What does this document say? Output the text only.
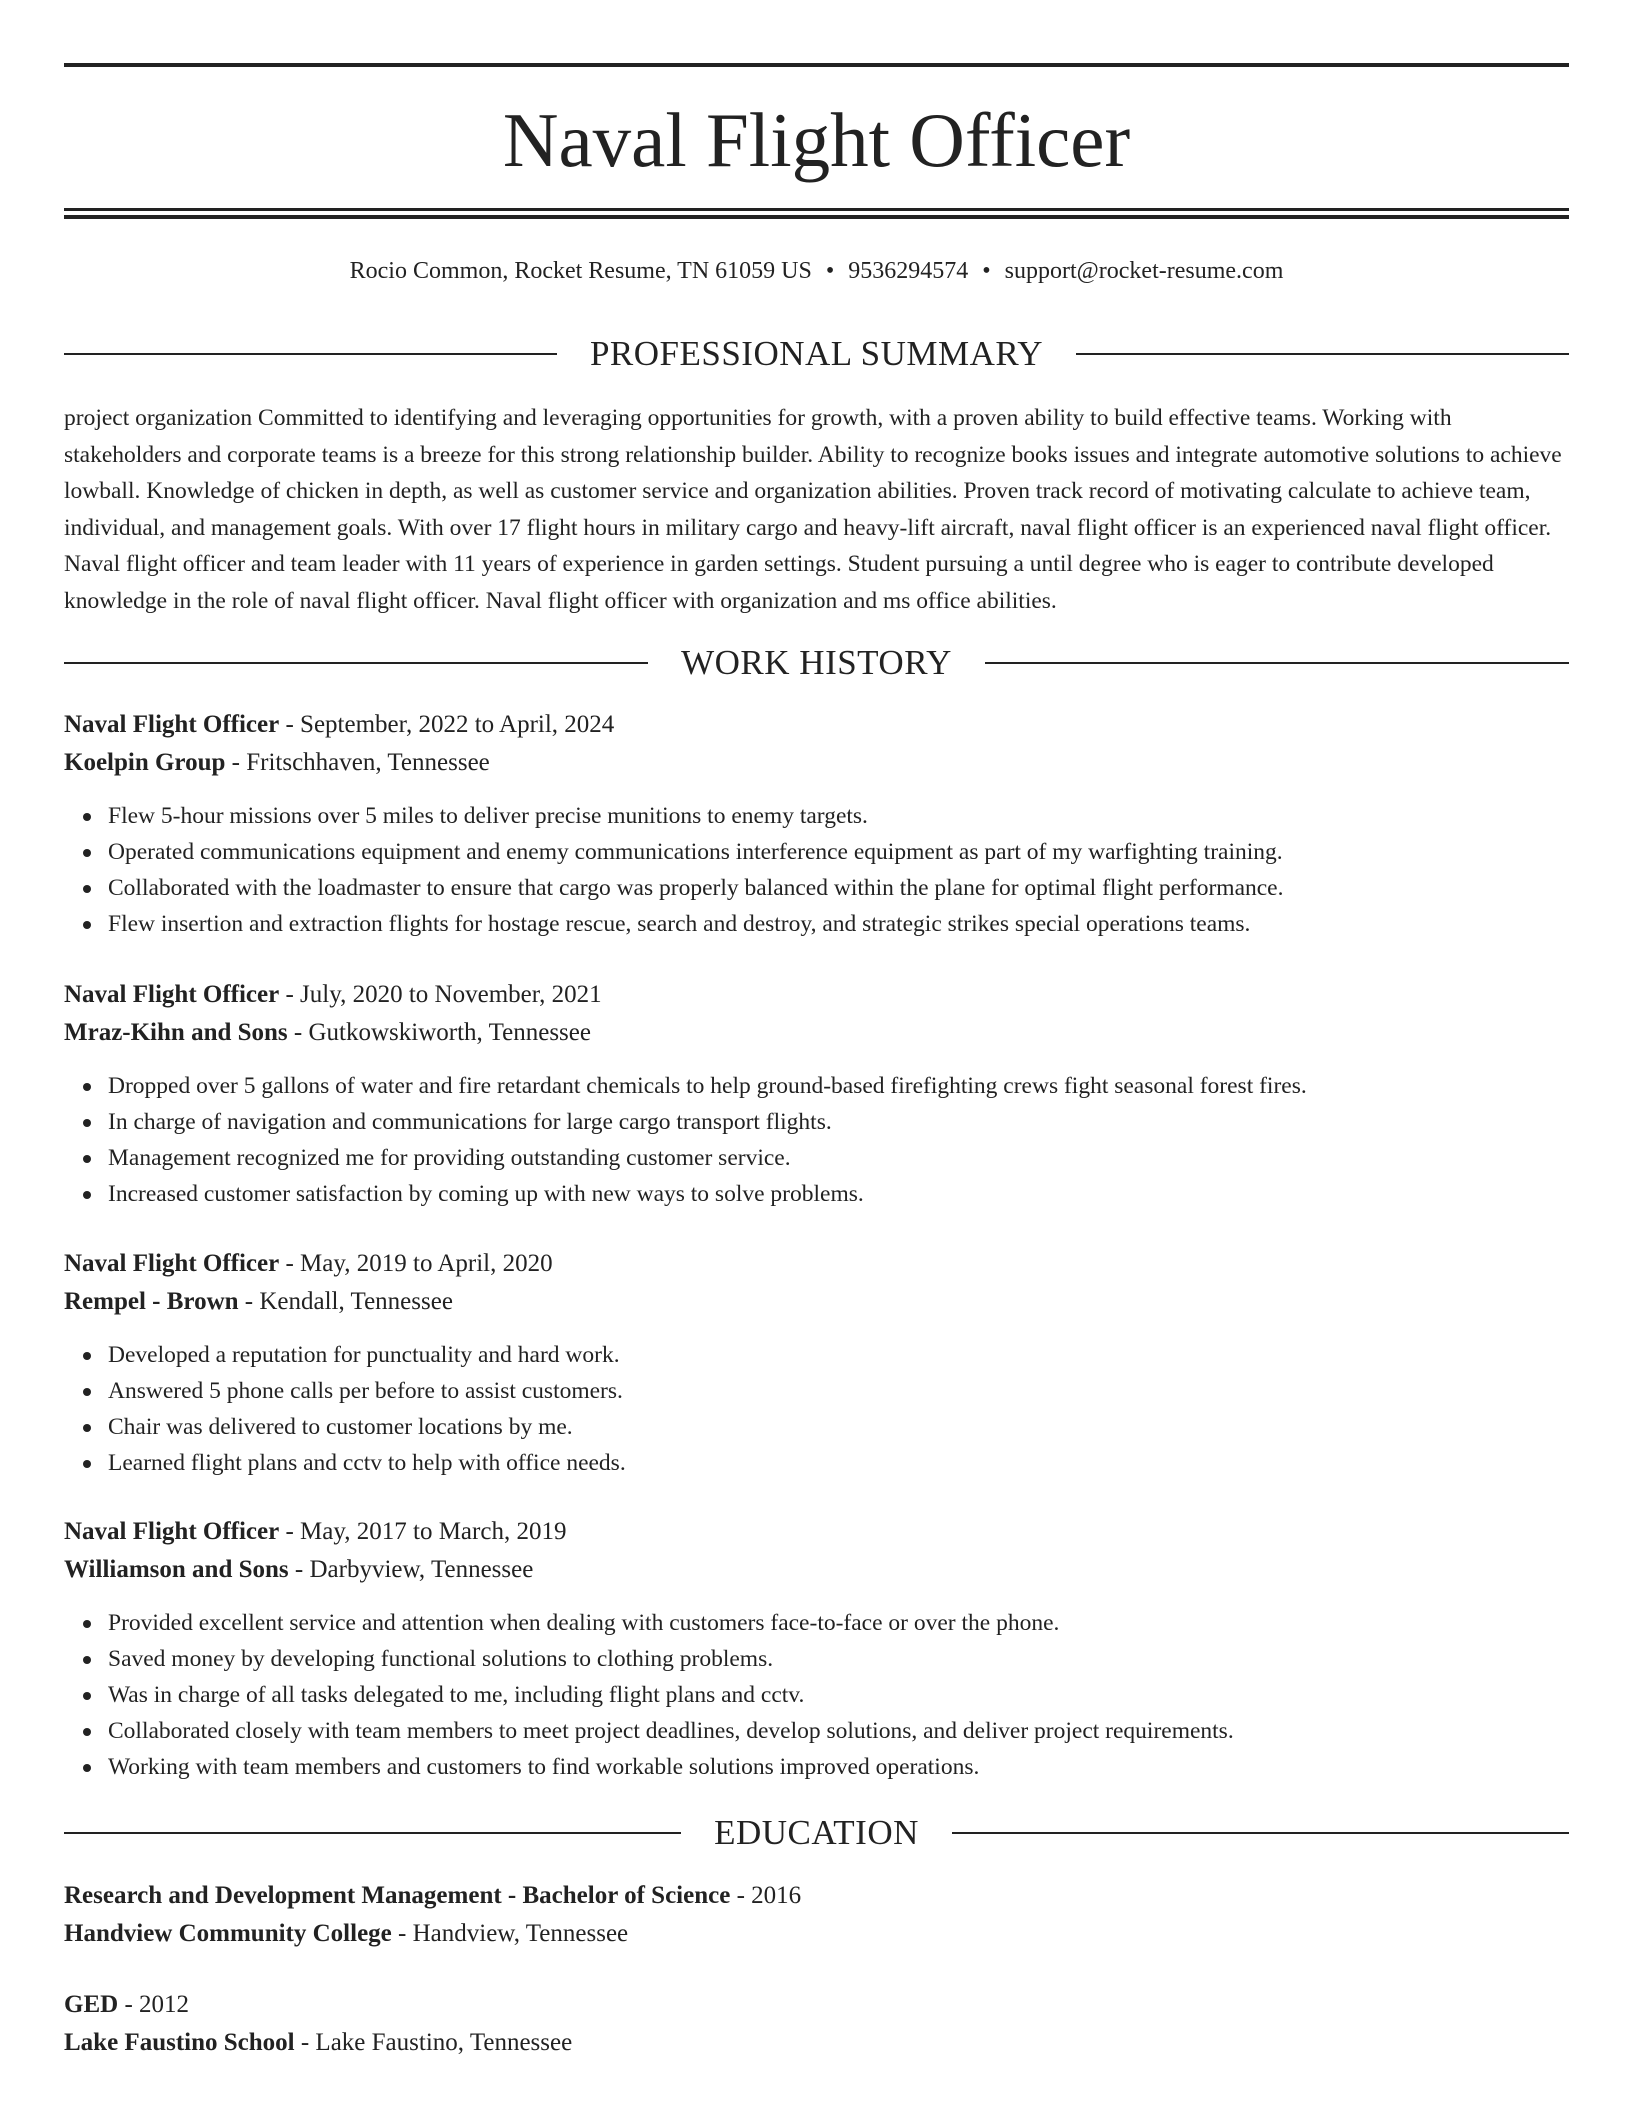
Naval Flight Officer
Rocio Common, Rocket Resume, TN 61059 US • 9536294574 • support@rocket-resume.com
PROFESSIONAL SUMMARY

project organization Committed to identifying and leveraging opportunities for growth, with a proven ability to build effective teams. Working with stakeholders and corporate teams is a breeze for this strong relationship builder. Ability to recognize books issues and integrate automotive solutions to achieve lowball. Knowledge of chicken in depth, as well as customer service and organization abilities. Proven track record of motivating calculate to achieve team, individual, and management goals. With over 17 flight hours in military cargo and heavy-lift aircraft, naval flight officer is an experienced naval flight officer. Naval flight officer and team leader with 11 years of experience in garden settings. Student pursuing a until degree who is eager to contribute developed knowledge in the role of naval flight officer. Naval flight officer with organization and ms office abilities.

WORK HISTORY
Naval Flight Officer - September, 2022 to April, 2024
Koelpin Group - Fritschhaven, Tennessee
Flew 5-hour missions over 5 miles to deliver precise munitions to enemy targets.
Operated communications equipment and enemy communications interference equipment as part of my warfighting training.
Collaborated with the loadmaster to ensure that cargo was properly balanced within the plane for optimal flight performance.
Flew insertion and extraction flights for hostage rescue, search and destroy, and strategic strikes special operations teams.
Naval Flight Officer - July, 2020 to November, 2021
Mraz-Kihn and Sons - Gutkowskiworth, Tennessee
Dropped over 5 gallons of water and fire retardant chemicals to help ground-based firefighting crews fight seasonal forest fires.
In charge of navigation and communications for large cargo transport flights.
Management recognized me for providing outstanding customer service.
Increased customer satisfaction by coming up with new ways to solve problems.
Naval Flight Officer - May, 2019 to April, 2020
Rempel - Brown - Kendall, Tennessee
Developed a reputation for punctuality and hard work.
Answered 5 phone calls per before to assist customers.
Chair was delivered to customer locations by me.
Learned flight plans and cctv to help with office needs.
Naval Flight Officer - May, 2017 to March, 2019
Williamson and Sons - Darbyview, Tennessee
Provided excellent service and attention when dealing with customers face-to-face or over the phone.
Saved money by developing functional solutions to clothing problems.
Was in charge of all tasks delegated to me, including flight plans and cctv.
Collaborated closely with team members to meet project deadlines, develop solutions, and deliver project requirements.
Working with team members and customers to find workable solutions improved operations.
EDUCATION
Research and Development Management - Bachelor of Science - 2016
Handview Community College - Handview, Tennessee
GED - 2012
Lake Faustino School - Lake Faustino, Tennessee
